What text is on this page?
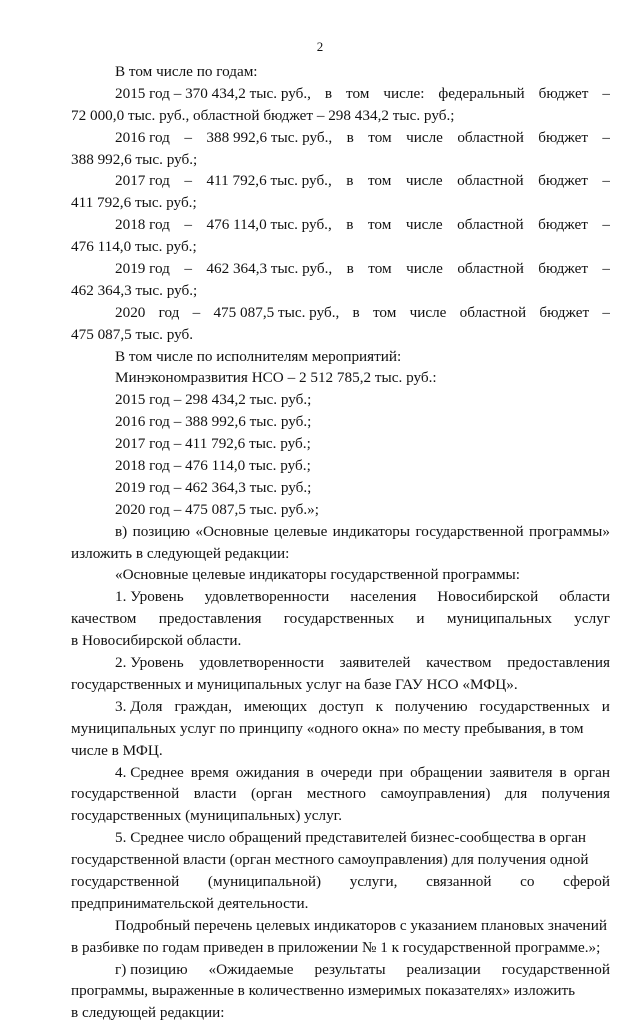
2
В том числе по годам:
2015 год – 370 434,2 тыс. руб., в том числе: федеральный бюджет –
72 000,0 тыс. руб., областной бюджет – 298 434,2 тыс. руб.;
2016 год – 388 992,6 тыс. руб., в том числе областной бюджет –
388 992,6 тыс. руб.;
2017 год – 411 792,6 тыс. руб., в том числе областной бюджет –
411 792,6 тыс. руб.;
2018 год – 476 114,0 тыс. руб., в том числе областной бюджет –
476 114,0 тыс. руб.;
2019 год – 462 364,3 тыс. руб., в том числе областной бюджет –
462 364,3 тыс. руб.;
2020 год – 475 087,5 тыс. руб., в том числе областной бюджет –
475 087,5 тыс. руб.
В том числе по исполнителям мероприятий:
Минэкономразвития НСО – 2 512 785,2 тыс. руб.:
2015 год – 298 434,2 тыс. руб.;
2016 год – 388 992,6 тыс. руб.;
2017 год – 411 792,6 тыс. руб.;
2018 год – 476 114,0 тыс. руб.;
2019 год – 462 364,3 тыс. руб.;
2020 год – 475 087,5 тыс. руб.»;
в) позицию «Основные целевые индикаторы государственной программы»
изложить в следующей редакции:
«Основные целевые индикаторы государственной программы:
1. Уровень удовлетворенности населения Новосибирской области
качеством предоставления государственных и муниципальных услуг
в Новосибирской области.
2. Уровень удовлетворенности заявителей качеством предоставления
государственных и муниципальных услуг на базе ГАУ НСО «МФЦ».
3. Доля граждан, имеющих доступ к получению государственных и
муниципальных услуг по принципу «одного окна» по месту пребывания, в том
числе в МФЦ.
4. Среднее время ожидания в очереди при обращении заявителя в орган
государственной власти (орган местного самоуправления) для получения
государственных (муниципальных) услуг.
5. Среднее число обращений представителей бизнес-сообщества в орган
государственной власти (орган местного самоуправления) для получения одной
государственной (муниципальной) услуги, связанной со сферой
предпринимательской деятельности.
Подробный перечень целевых индикаторов с указанием плановых значений
в разбивке по годам приведен в приложении № 1 к государственной программе.»;
г) позицию «Ожидаемые результаты реализации государственной
программы, выраженные в количественно измеримых показателях» изложить
в следующей редакции:
